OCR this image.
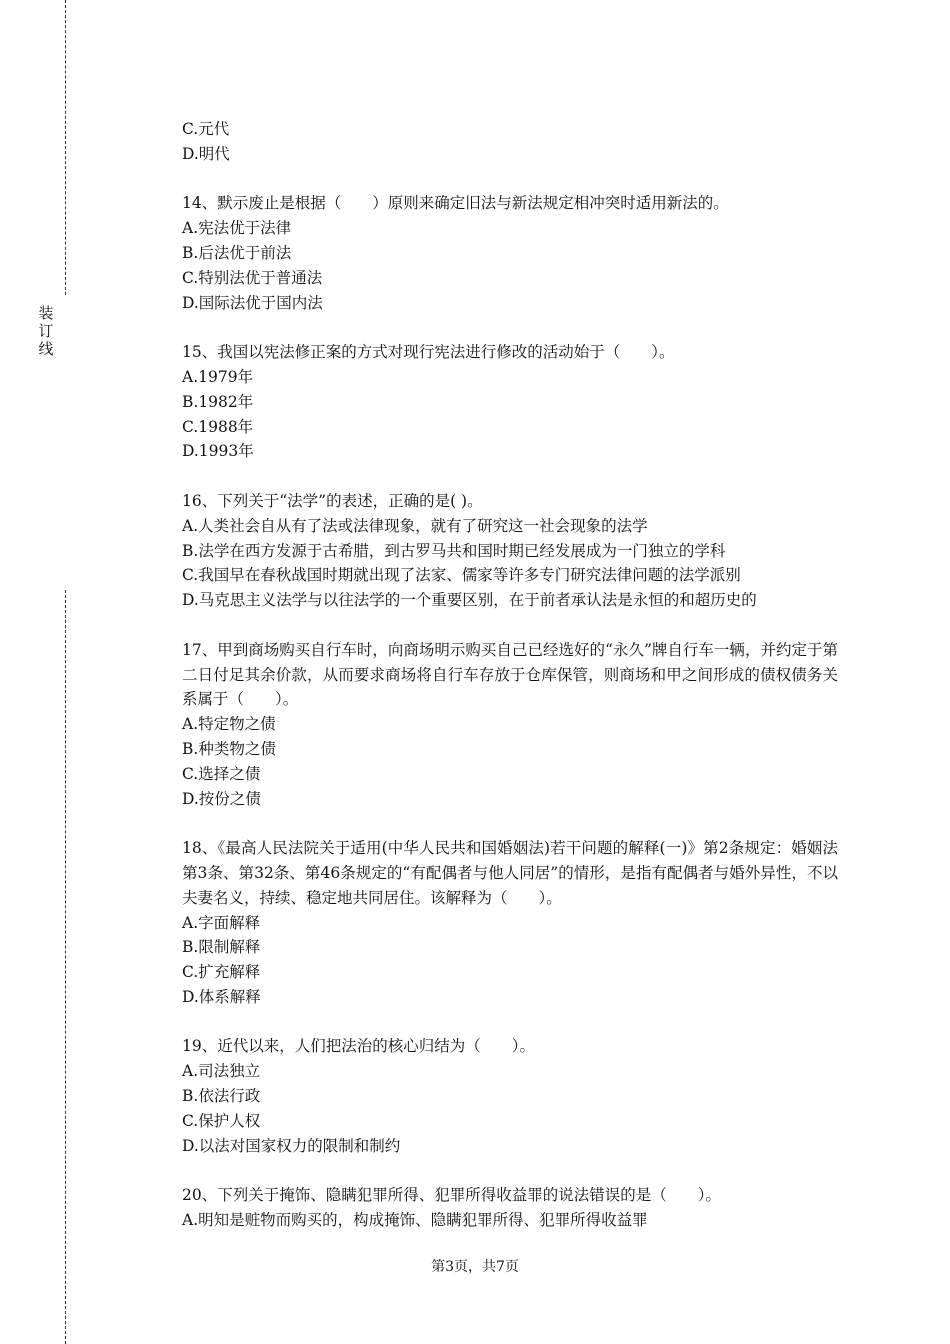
装
订
线

C.元代

D.明代

14、默示废止是根据（　　）原则来确定旧法与新法规定相冲突时适用新法的。

A.宪法优于法律

B.后法优于前法

C.特别法优于普通法

D.国际法优于国内法

15、我国以宪法修正案的方式对现行宪法进行修改的活动始于（　　）。

A.1979年

B.1982年

C.1988年

D.1993年

16、下列关于“法学”的表述，正确的是( )。

A.人类社会自从有了法或法律现象，就有了研究这一社会现象的法学

B.法学在西方发源于古希腊，到古罗马共和国时期已经发展成为一门独立的学科

C.我国早在春秋战国时期就出现了法家、儒家等许多专门研究法律问题的法学派别

D.马克思主义法学与以往法学的一个重要区别，在于前者承认法是永恒的和超历史的

17、甲到商场购买自行车时，向商场明示购买自己已经选好的“永久”牌自行车一辆，并约定于第二日付足其余价款，从而要求商场将自行车存放于仓库保管，则商场和甲之间形成的债权债务关系属于（　　）。

A.特定物之债

B.种类物之债

C.选择之债

D.按份之债

18、《最高人民法院关于适用(中华人民共和国婚姻法)若干问题的解释(一)》第2条规定：婚姻法第3条、第32条、第46条规定的“有配偶者与他人同居”的情形，是指有配偶者与婚外异性，不以夫妻名义，持续、稳定地共同居住。该解释为（　　）。

A.字面解释

B.限制解释

C.扩充解释

D.体系解释

19、近代以来，人们把法治的核心归结为（　　）。

A.司法独立

B.依法行政

C.保护人权

D.以法对国家权力的限制和制约

20、下列关于掩饰、隐瞒犯罪所得、犯罪所得收益罪的说法错误的是（　　）。

A.明知是赃物而购买的，构成掩饰、隐瞒犯罪所得、犯罪所得收益罪

第3页，共7页
